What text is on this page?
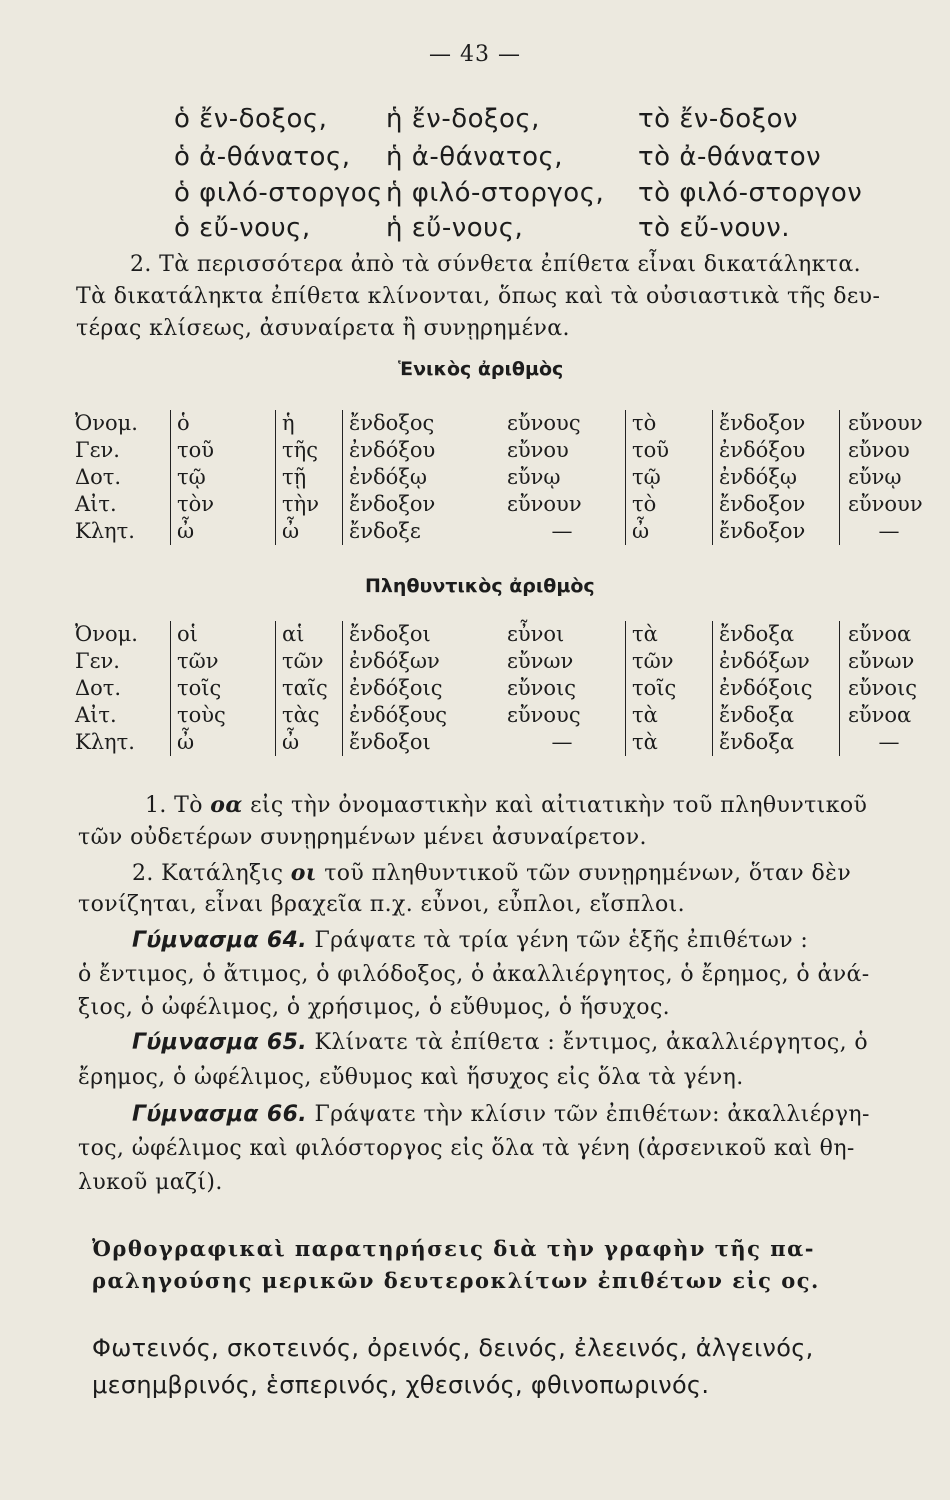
— 43 —
ὁ ἔν-δοξος, ἡ ἔν-δοξος,	τὸ ἔν-δοξον
ὁ ἀ-θάνατος, ἡ ἀ-θάνατος,	τὸ ἀ-θάνατον
ὁ φιλό-στοργος ἡ φιλό-στοργος, τὸ φιλό-στοργον
ὁ εὔ-νους,	ἡ εὔ-νους,	τὸ εὔ-νουν.
2. Τὰ περισσότερα ἀπὸ τὰ σύνθετα ἐπίθετα εἶναι δικατάληκτα.
Τὰ δικατάληκτα ἐπίθετα κλίνονται, ὅπως καὶ τὰ οὐσιαστικὰ τῆς δευ-
τέρας κλίσεως, ἀσυναίρετα ἢ συνῃρημένα.
Ἑνικὸς ἀριθμὸς
Ὀνομ.	ὁ	ἡ	ἔνδοξος	εὔνους	τὸ	ἔνδοξον	εὔνουν
Γεν.	τοῦ	τῆς	ἐνδόξου	εὔνου	τοῦ	ἐνδόξου	εὔνου
Δοτ.	τῷ	τῇ	ἐνδόξῳ	εὔνῳ	τῷ	ἐνδόξῳ	εὔνῳ
Αἰτ.	τὸν	τὴν	ἔνδοξον	εὔνουν	τὸ	ἔνδοξον	εὔνουν
Κλητ.	ὦ	ὦ	ἔνδοξε	—	ὦ	ἔνδοξον	—
Πληθυντικὸς ἀριθμὸς
Ὀνομ.	οἱ	αἱ	ἔνδοξοι	εὖνοι	τὰ	ἔνδοξα	εὔνοα
Γεν.	τῶν	τῶν	ἐνδόξων	εὔνων	τῶν	ἐνδόξων	εὔνων
Δοτ.	τοῖς	ταῖς	ἐνδόξοις	εὔνοις	τοῖς	ἐνδόξοις	εὔνοις
Αἰτ.	τοὺς	τὰς	ἐνδόξους	εὔνους	τὰ	ἔνδοξα	εὔνοα
Κλητ.	ὦ	ὦ	ἔνδοξοι	—	τὰ	ἔνδοξα	—
1. Τὸ οα εἰς τὴν ὀνομαστικὴν καὶ αἰτιατικὴν τοῦ πληθυντικοῦ
τῶν οὐδετέρων συνῃρημένων μένει ἀσυναίρετον.
2. Κατάληξις οι τοῦ πληθυντικοῦ τῶν συνῃρημένων, ὅταν δὲν
τονίζηται, εἶναι βραχεῖα π.χ. εὖνοι, εὖπλοι, εἴσπλοι.
Γύμνασμα 64. Γράψατε τὰ τρία γένη τῶν ἑξῆς ἐπιθέτων :
ὁ ἔντιμος, ὁ ἄτιμος, ὁ φιλόδοξος, ὁ ἀκαλλιέργητος, ὁ ἔρημος, ὁ ἀνά-
ξιος, ὁ ὠφέλιμος, ὁ χρήσιμος, ὁ εὔθυμος, ὁ ἥσυχος.
Γύμνασμα 65. Κλίνατε τὰ ἐπίθετα : ἔντιμος, ἀκαλλιέργητος, ὁ
ἔρημος, ὁ ὠφέλιμος, εὔθυμος καὶ ἥσυχος εἰς ὅλα τὰ γένη.
Γύμνασμα 66. Γράψατε τὴν κλίσιν τῶν ἐπιθέτων: ἀκαλλιέργη-
τος, ὠφέλιμος καὶ φιλόστοργος εἰς ὅλα τὰ γένη (ἀρσενικοῦ καὶ θη-
λυκοῦ μαζί).
Ὀρθογραφικαὶ παρατηρήσεις διὰ τὴν γραφὴν τῆς πα-
ραληγούσης μερικῶν δευτεροκλίτων ἐπιθέτων εἰς ος.
Φωτεινός, σκοτεινός, ὀρεινός, δεινός, ἐλεεινός, ἀλγεινός,
μεσημβρινός, ἑσπερινός, χθεσινός, φθινοπωρινός.
